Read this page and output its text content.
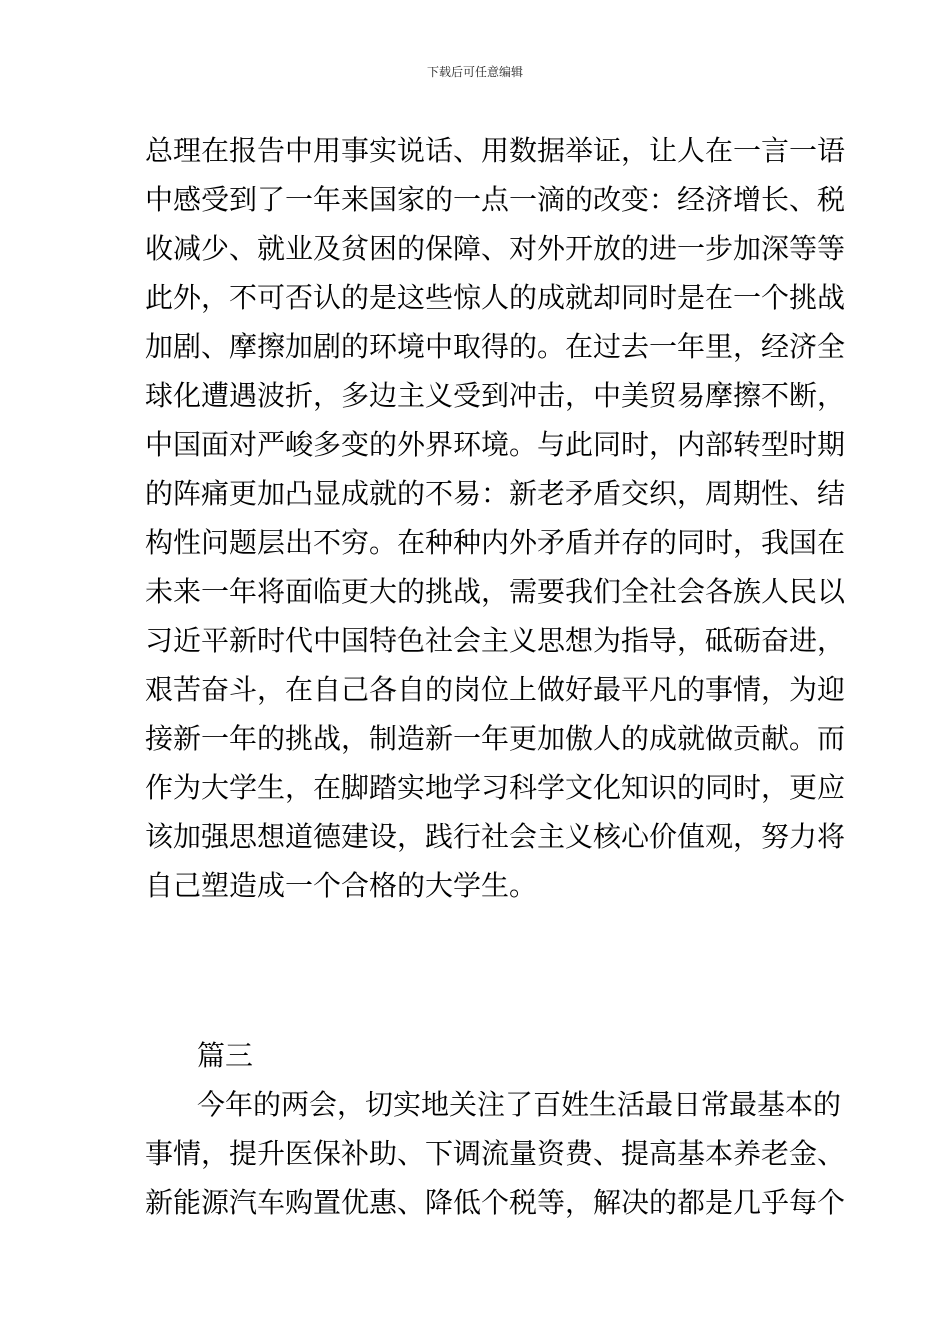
下载后可任意编辑
总理在报告中用事实说话、用数据举证，让人在一言一语
中感受到了一年来国家的一点一滴的改变：经济增长、税
收减少、就业及贫困的保障、对外开放的进一步加深等等
此外，不可否认的是这些惊人的成就却同时是在一个挑战
加剧、摩擦加剧的环境中取得的。在过去一年里，经济全
球化遭遇波折，多边主义受到冲击，中美贸易摩擦不断，
中国面对严峻多变的外界环境。与此同时，内部转型时期
的阵痛更加凸显成就的不易：新老矛盾交织，周期性、结
构性问题层出不穷。在种种内外矛盾并存的同时，我国在
未来一年将面临更大的挑战，需要我们全社会各族人民以
习近平新时代中国特色社会主义思想为指导，砥砺奋进，
艰苦奋斗，在自己各自的岗位上做好最平凡的事情，为迎
接新一年的挑战，制造新一年更加傲人的成就做贡献。而
作为大学生，在脚踏实地学习科学文化知识的同时，更应
该加强思想道德建设，践行社会主义核心价值观，努力将
自己塑造成一个合格的大学生。
篇三
今年的两会，切实地关注了百姓生活最日常最基本的
事情，提升医保补助、下调流量资费、提高基本养老金、
新能源汽车购置优惠、降低个税等，解决的都是几乎每个
